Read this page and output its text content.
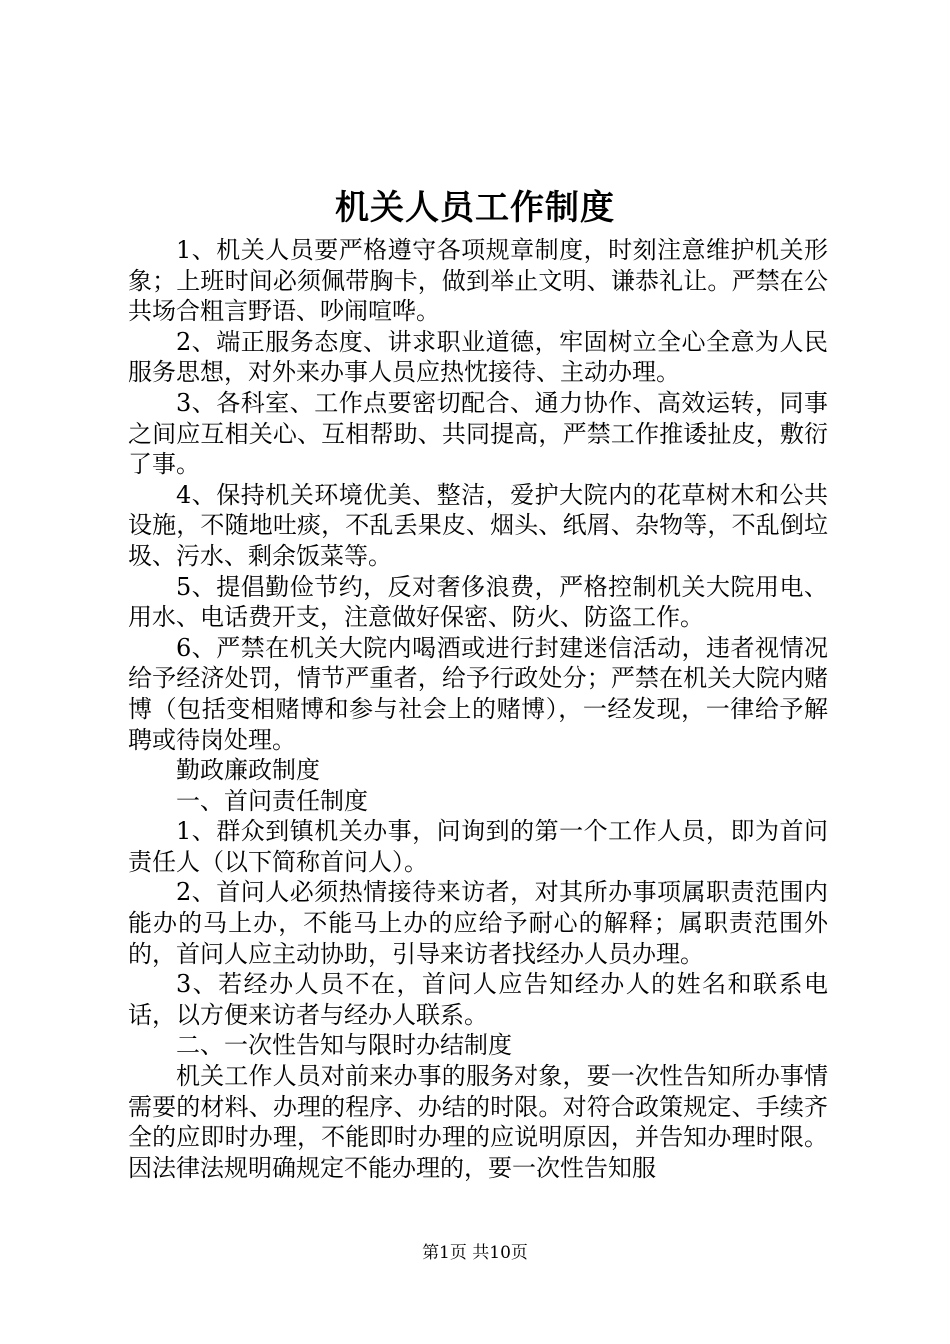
机关人员工作制度

1、机关人员要严格遵守各项规章制度，时刻注意维护机关形象；上班时间必须佩带胸卡，做到举止文明、谦恭礼让。严禁在公共场合粗言野语、吵闹喧哗。

2、端正服务态度、讲求职业道德，牢固树立全心全意为人民服务思想，对外来办事人员应热忱接待、主动办理。

3、各科室、工作点要密切配合、通力协作、高效运转，同事之间应互相关心、互相帮助、共同提高，严禁工作推诿扯皮，敷衍了事。

4、保持机关环境优美、整洁，爱护大院内的花草树木和公共设施，不随地吐痰，不乱丢果皮、烟头、纸屑、杂物等，不乱倒垃圾、污水、剩余饭菜等。

5、提倡勤俭节约，反对奢侈浪费，严格控制机关大院用电、用水、电话费开支，注意做好保密、防火、防盗工作。

6、严禁在机关大院内喝酒或进行封建迷信活动，违者视情况给予经济处罚，情节严重者，给予行政处分；严禁在机关大院内赌博（包括变相赌博和参与社会上的赌博），一经发现，一律给予解聘或待岗处理。

勤政廉政制度

一、首问责任制度

1、群众到镇机关办事，问询到的第一个工作人员，即为首问责任人（以下简称首问人）。

2、首问人必须热情接待来访者，对其所办事项属职责范围内能办的马上办，不能马上办的应给予耐心的解释；属职责范围外的，首问人应主动协助，引导来访者找经办人员办理。

3、若经办人员不在，首问人应告知经办人的姓名和联系电话，以方便来访者与经办人联系。

二、一次性告知与限时办结制度

机关工作人员对前来办事的服务对象，要一次性告知所办事情需要的材料、办理的程序、办结的时限。对符合政策规定、手续齐全的应即时办理，不能即时办理的应说明原因，并告知办理时限。因法律法规明确规定不能办理的，要一次性告知服

第1页 共10页
